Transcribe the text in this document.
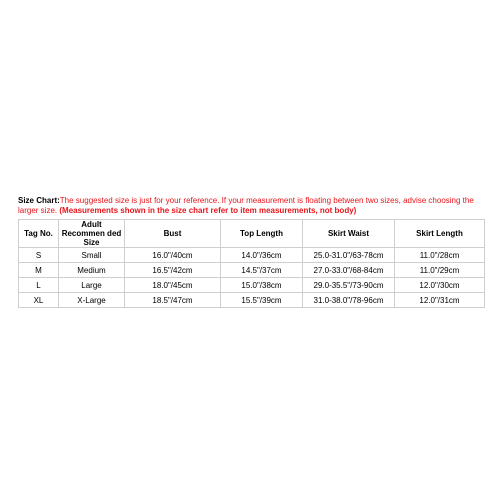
Size Chart:The suggested size is just for your reference. If your measurement is floating between two sizes, advise choosing the larger size. (Measurements shown in the size chart refer to item measurements, not body)

Tag No.	Adult Recommen ded Size	Bust	Top Length	Skirt Waist	Skirt Length
S	Small	16.0"/40cm	14.0"/36cm	25.0-31.0"/63-78cm	11.0"/28cm
M	Medium	16.5"/42cm	14.5"/37cm	27.0-33.0"/68-84cm	11.0"/29cm
L	Large	18.0"/45cm	15.0"/38cm	29.0-35.5"/73-90cm	12.0"/30cm
XL	X-Large	18.5"/47cm	15.5"/39cm	31.0-38.0"/78-96cm	12.0"/31cm
